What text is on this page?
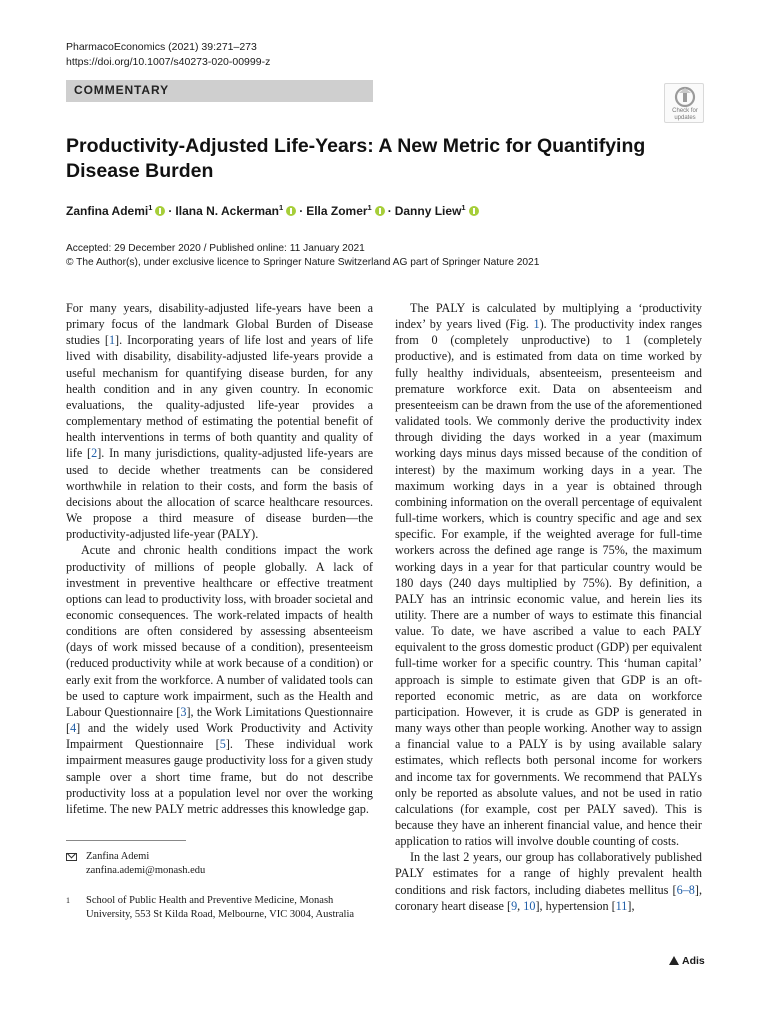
PharmacoEconomics (2021) 39:271–273
https://doi.org/10.1007/s40273-020-00999-z
COMMENTARY
Check for updates
Productivity-Adjusted Life-Years: A New Metric for Quantifying Disease Burden
Zanfina Ademi$^1$ · Ilana N. Ackerman$^1$ · Ella Zomer$^1$ · Danny Liew$^1$
Accepted: 29 December 2020 / Published online: 11 January 2021
© The Author(s), under exclusive licence to Springer Nature Switzerland AG part of Springer Nature 2021

For many years, disability-adjusted life-years have been a primary focus of the landmark Global Burden of Disease studies [1]. Incorporating years of life lost and years of life lived with disability, disability-adjusted life-years provide a useful mechanism for quantifying disease burden, for any health condition and in any given country. In economic evaluations, the quality-adjusted life-year provides a complementary method of estimating the potential benefit of health interventions in terms of both quantity and quality of life [2]. In many jurisdictions, quality-adjusted life-years are used to decide whether treatments can be considered worthwhile in relation to their costs, and form the basis of decisions about the allocation of scarce healthcare resources. We propose a third measure of disease burden—the productivity-adjusted life-year (PALY).

Acute and chronic health conditions impact the work productivity of millions of people globally. A lack of investment in preventive healthcare or effective treatment options can lead to productivity loss, with broader societal and economic consequences. The work-related impacts of health conditions are often considered by assessing absenteeism (days of work missed because of a condition), presenteeism (reduced productivity while at work because of a condition) or early exit from the workforce. A number of validated tools can be used to capture work impairment, such as the Health and Labour Questionnaire [3], the Work Limitations Questionnaire [4] and the widely used Work Productivity and Activity Impairment Questionnaire [5]. These individual work impairment measures gauge productivity loss for a given study sample over a short time frame, but do not describe productivity loss at a population level nor over the working lifetime. The new PALY metric addresses this knowledge gap.

The PALY is calculated by multiplying a ‘productivity index’ by years lived (Fig. 1). The productivity index ranges from 0 (completely unproductive) to 1 (completely productive), and is estimated from data on time worked by fully healthy individuals, absenteeism, presenteeism and premature workforce exit. Data on absenteeism and presenteeism can be drawn from the use of the aforementioned validated tools. We commonly derive the productivity index through dividing the days worked in a year (maximum working days minus days missed because of the condition of interest) by the maximum working days in a year. The maximum working days in a year is obtained through combining information on the overall percentage of equivalent full-time workers, which is country specific and age and sex specific. For example, if the weighted average for full-time workers across the defined age range is 75%, the maximum working days in a year for that particular country would be 180 days (240 days multiplied by 75%). By definition, a PALY has an intrinsic economic value, and herein lies its utility. There are a number of ways to estimate this financial value. To date, we have ascribed a value to each PALY equivalent to the gross domestic product (GDP) per equivalent full-time worker for a specific country. This ‘human capital’ approach is simple to estimate given that GDP is an oft-reported economic metric, as are data on workforce participation. However, it is crude as GDP is generated in many ways other than people working. Another way to assign a financial value to a PALY is by using available salary estimates, which reflects both personal income for workers and income tax for governments. We recommend that PALYs only be reported as absolute values, and not be used in ratio calculations (for example, cost per PALY saved). This is because they have an inherent financial value, and hence their application to ratios will involve double counting of costs.

In the last 2 years, our group has collaboratively published PALY estimates for a range of highly prevalent health conditions and risk factors, including diabetes mellitus [6–8], coronary heart disease [9, 10], hypertension [11],

Zanfina Ademi
zanfina.ademi@monash.edu
1 School of Public Health and Preventive Medicine, Monash University, 553 St Kilda Road, Melbourne, VIC 3004, Australia
Adis
